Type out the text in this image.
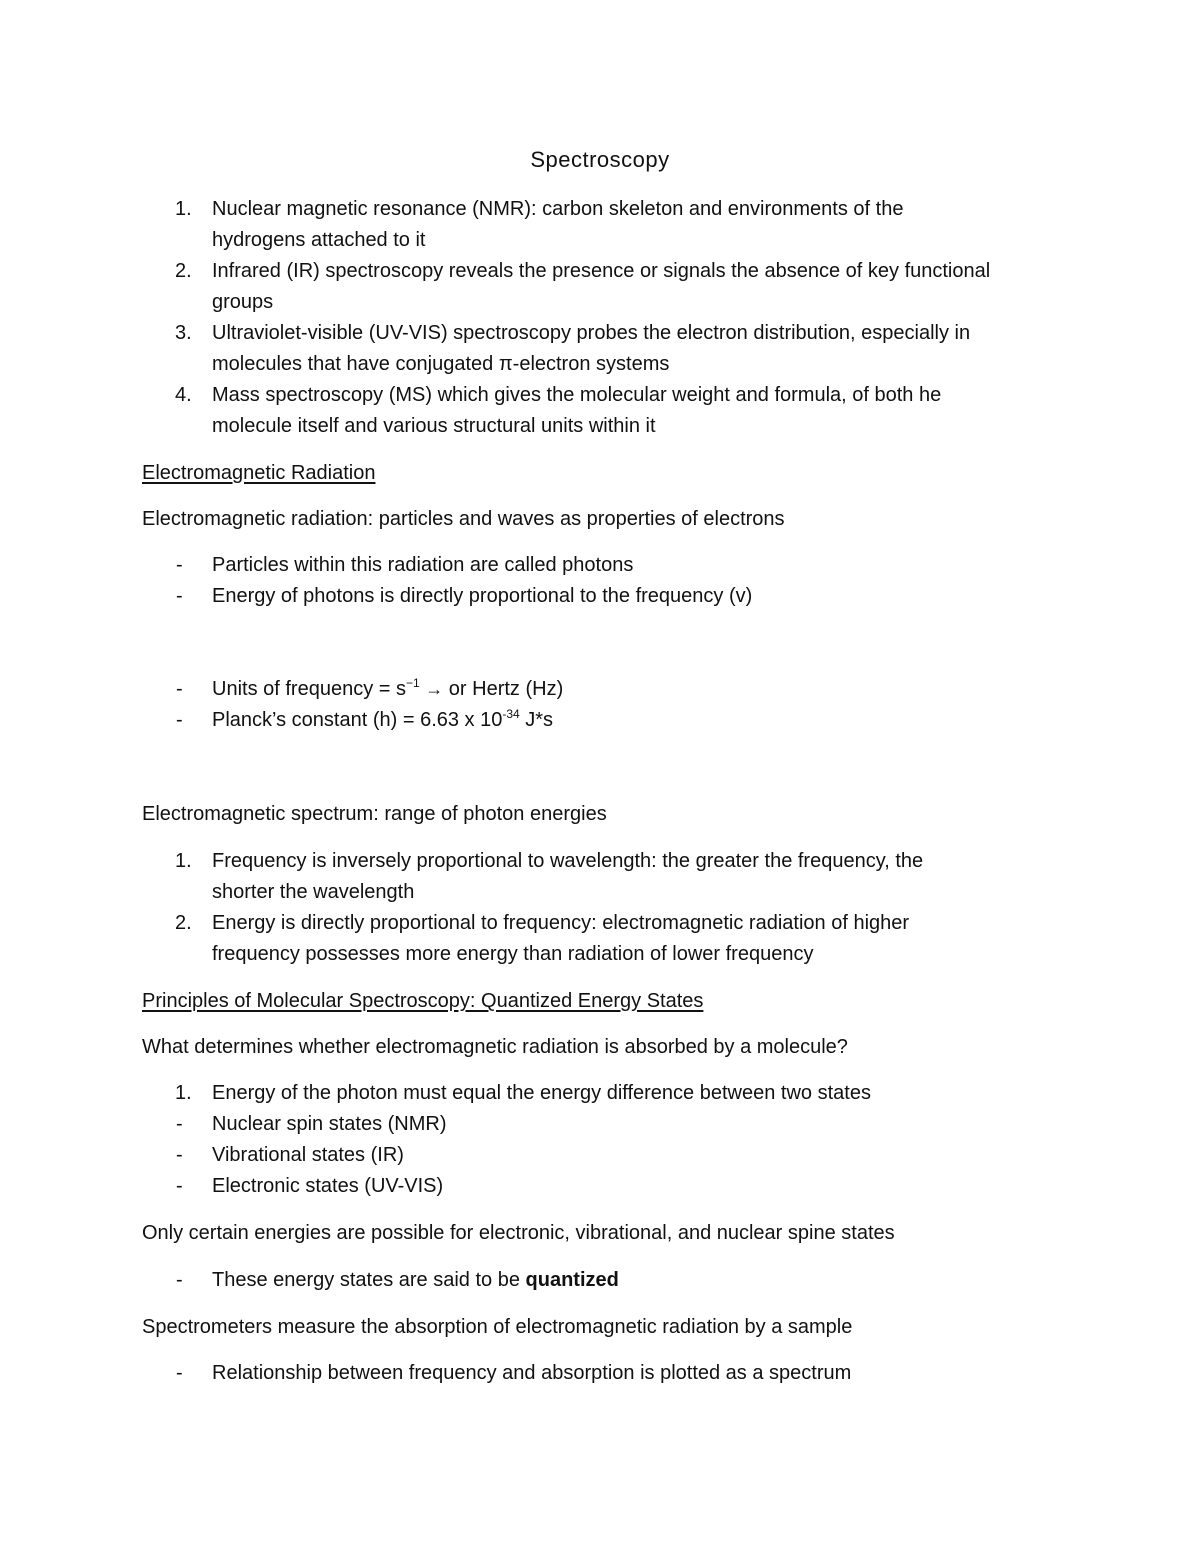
Spectroscopy
1. Nuclear magnetic resonance (NMR): carbon skeleton and environments of the
hydrogens attached to it
2. Infrared (IR) spectroscopy reveals the presence or signals the absence of key functional
groups
3. Ultraviolet-visible (UV-VIS) spectroscopy probes the electron distribution, especially in
molecules that have conjugated π-electron systems
4. Mass spectroscopy (MS) which gives the molecular weight and formula, of both he
molecule itself and various structural units within it
Electromagnetic Radiation
Electromagnetic radiation: particles and waves as properties of electrons
- Particles within this radiation are called photons
- Energy of photons is directly proportional to the frequency (v)
- Units of frequency = $s^{-1}$ → or Hertz (Hz)
- Planck’s constant (h) = 6.63 x $10^{-34}$ J*s
Electromagnetic spectrum: range of photon energies
1. Frequency is inversely proportional to wavelength: the greater the frequency, the
shorter the wavelength
2. Energy is directly proportional to frequency: electromagnetic radiation of higher
frequency possesses more energy than radiation of lower frequency
Principles of Molecular Spectroscopy: Quantized Energy States
What determines whether electromagnetic radiation is absorbed by a molecule?
1. Energy of the photon must equal the energy difference between two states
- Nuclear spin states (NMR)
- Vibrational states (IR)
- Electronic states (UV-VIS)
Only certain energies are possible for electronic, vibrational, and nuclear spine states
- These energy states are said to be quantized
Spectrometers measure the absorption of electromagnetic radiation by a sample
- Relationship between frequency and absorption is plotted as a spectrum
